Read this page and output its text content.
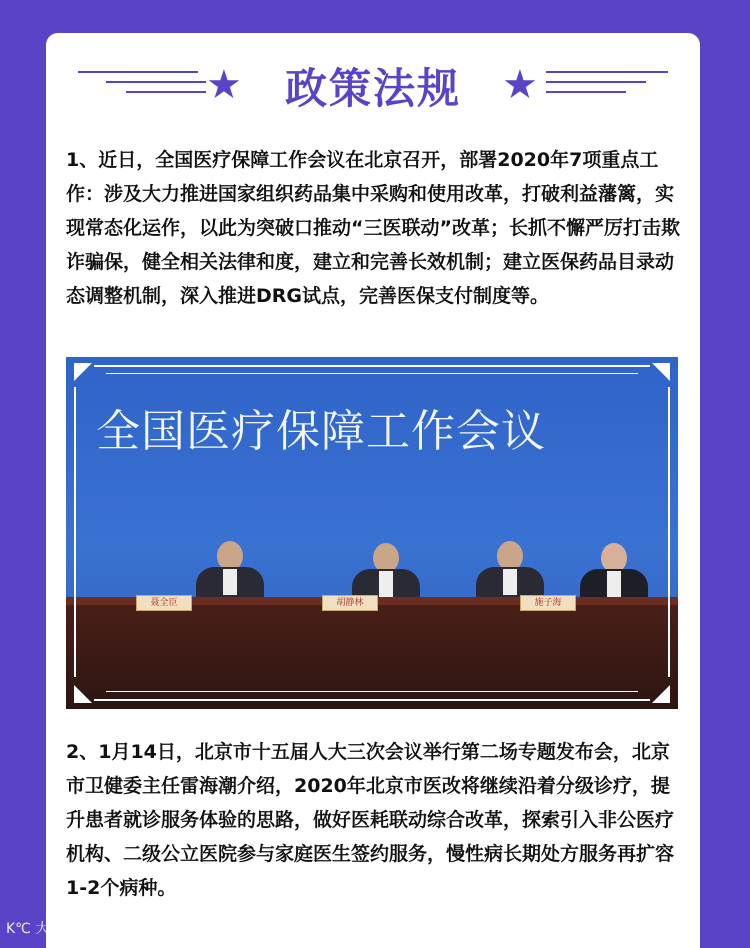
★	政策法规	★

1、近日，全国医疗保障工作会议在北京召开，部署2020年7项重点工作：涉及大力推进国家组织药品集中采购和使用改革，打破利益藩篱，实现常态化运作，以此为突破口推动“三医联动”改革；长抓不懈严厉打击欺诈骗保，健全相关法律和度，建立和完善长效机制；建立医保药品目录动态调整机制，深入推进DRG试点，完善医保支付制度等。

全国医疗保障工作会议
聂全臣	胡静林	施子海

2、1月14日，北京市十五届人大三次会议举行第二场专题发布会，北京市卫健委主任雷海潮介绍，2020年北京市医改将继续沿着分级诊疗，提升患者就诊服务体验的思路，做好医耗联动综合改革，探索引入非公医疗机构、二级公立医院参与家庭医生签约服务，慢性病长期处方服务再扩容1-2个病种。

K℃ 大数跨境
